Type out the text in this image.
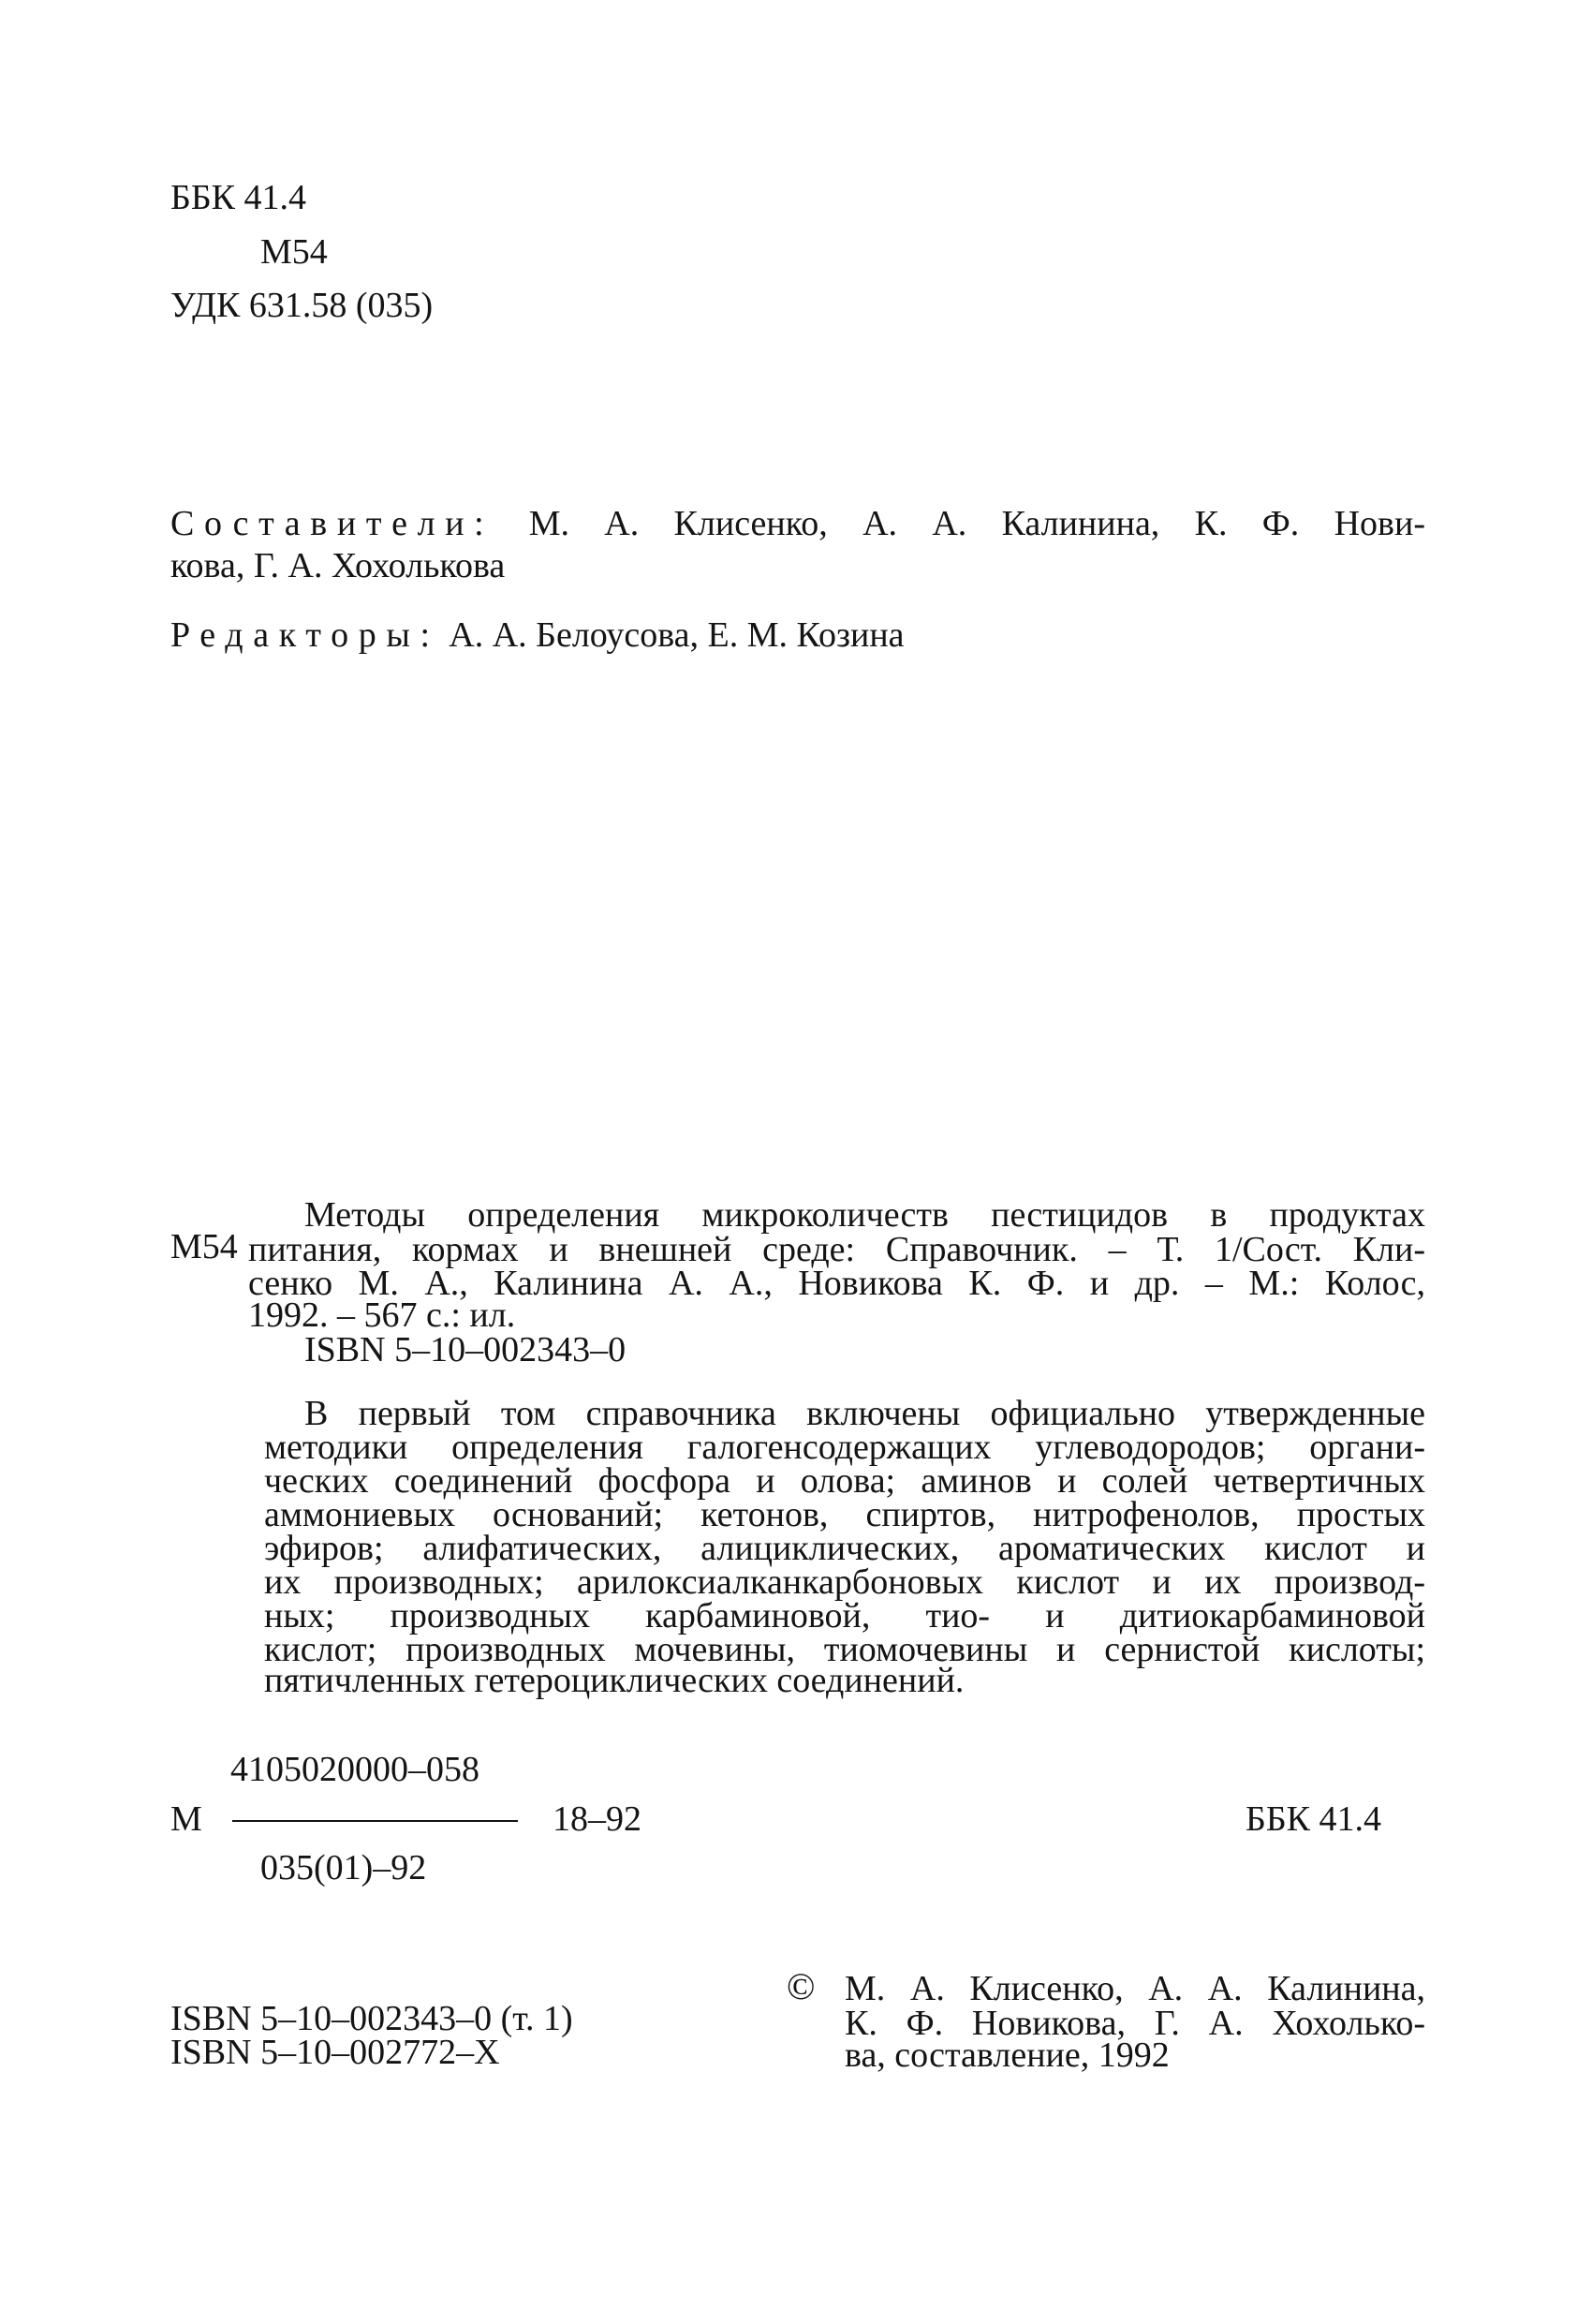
ББК 41.4
М54
УДК 631.58 (035)
Составители: М. А. Клисенко, А. А. Калинина, К. Ф. Нови-
кова, Г. А. Хохолькова
Редакторы: А. А. Белоусова, Е. М. Козина
М54
Методы определения микроколичеств пестицидов в продуктах
питания, кормах и внешней среде: Справочник. – Т. 1/Сост. Кли-
сенко М. А., Калинина А. А., Новикова К. Ф. и др. – М.: Колос,
1992. – 567 с.: ил.
ISBN 5–10–002343–0
В первый том справочника включены официально утвержденные
методики определения галогенсодержащих углеводородов; органи-
ческих соединений фосфора и олова; аминов и солей четвертичных
аммониевых оснований; кетонов, спиртов, нитрофенолов, простых
эфиров; алифатических, алициклических, ароматических кислот и
их производных; арилоксиалканкарбоновых кислот и их производ-
ных; производных карбаминовой, тио- и дитиокарбаминовой
кислот; производных мочевины, тиомочевины и сернистой кислоты;
пятичленных гетероциклических соединений.
М
4105020000–058
035(01)–92
18–92	ББК 41.4
ISBN 5–10–002343–0 (т. 1)
ISBN 5–10–002772–X
© М. А. Клисенко, А. А. Калинина,
К. Ф. Новикова, Г. А. Хохолько-
ва, составление, 1992
